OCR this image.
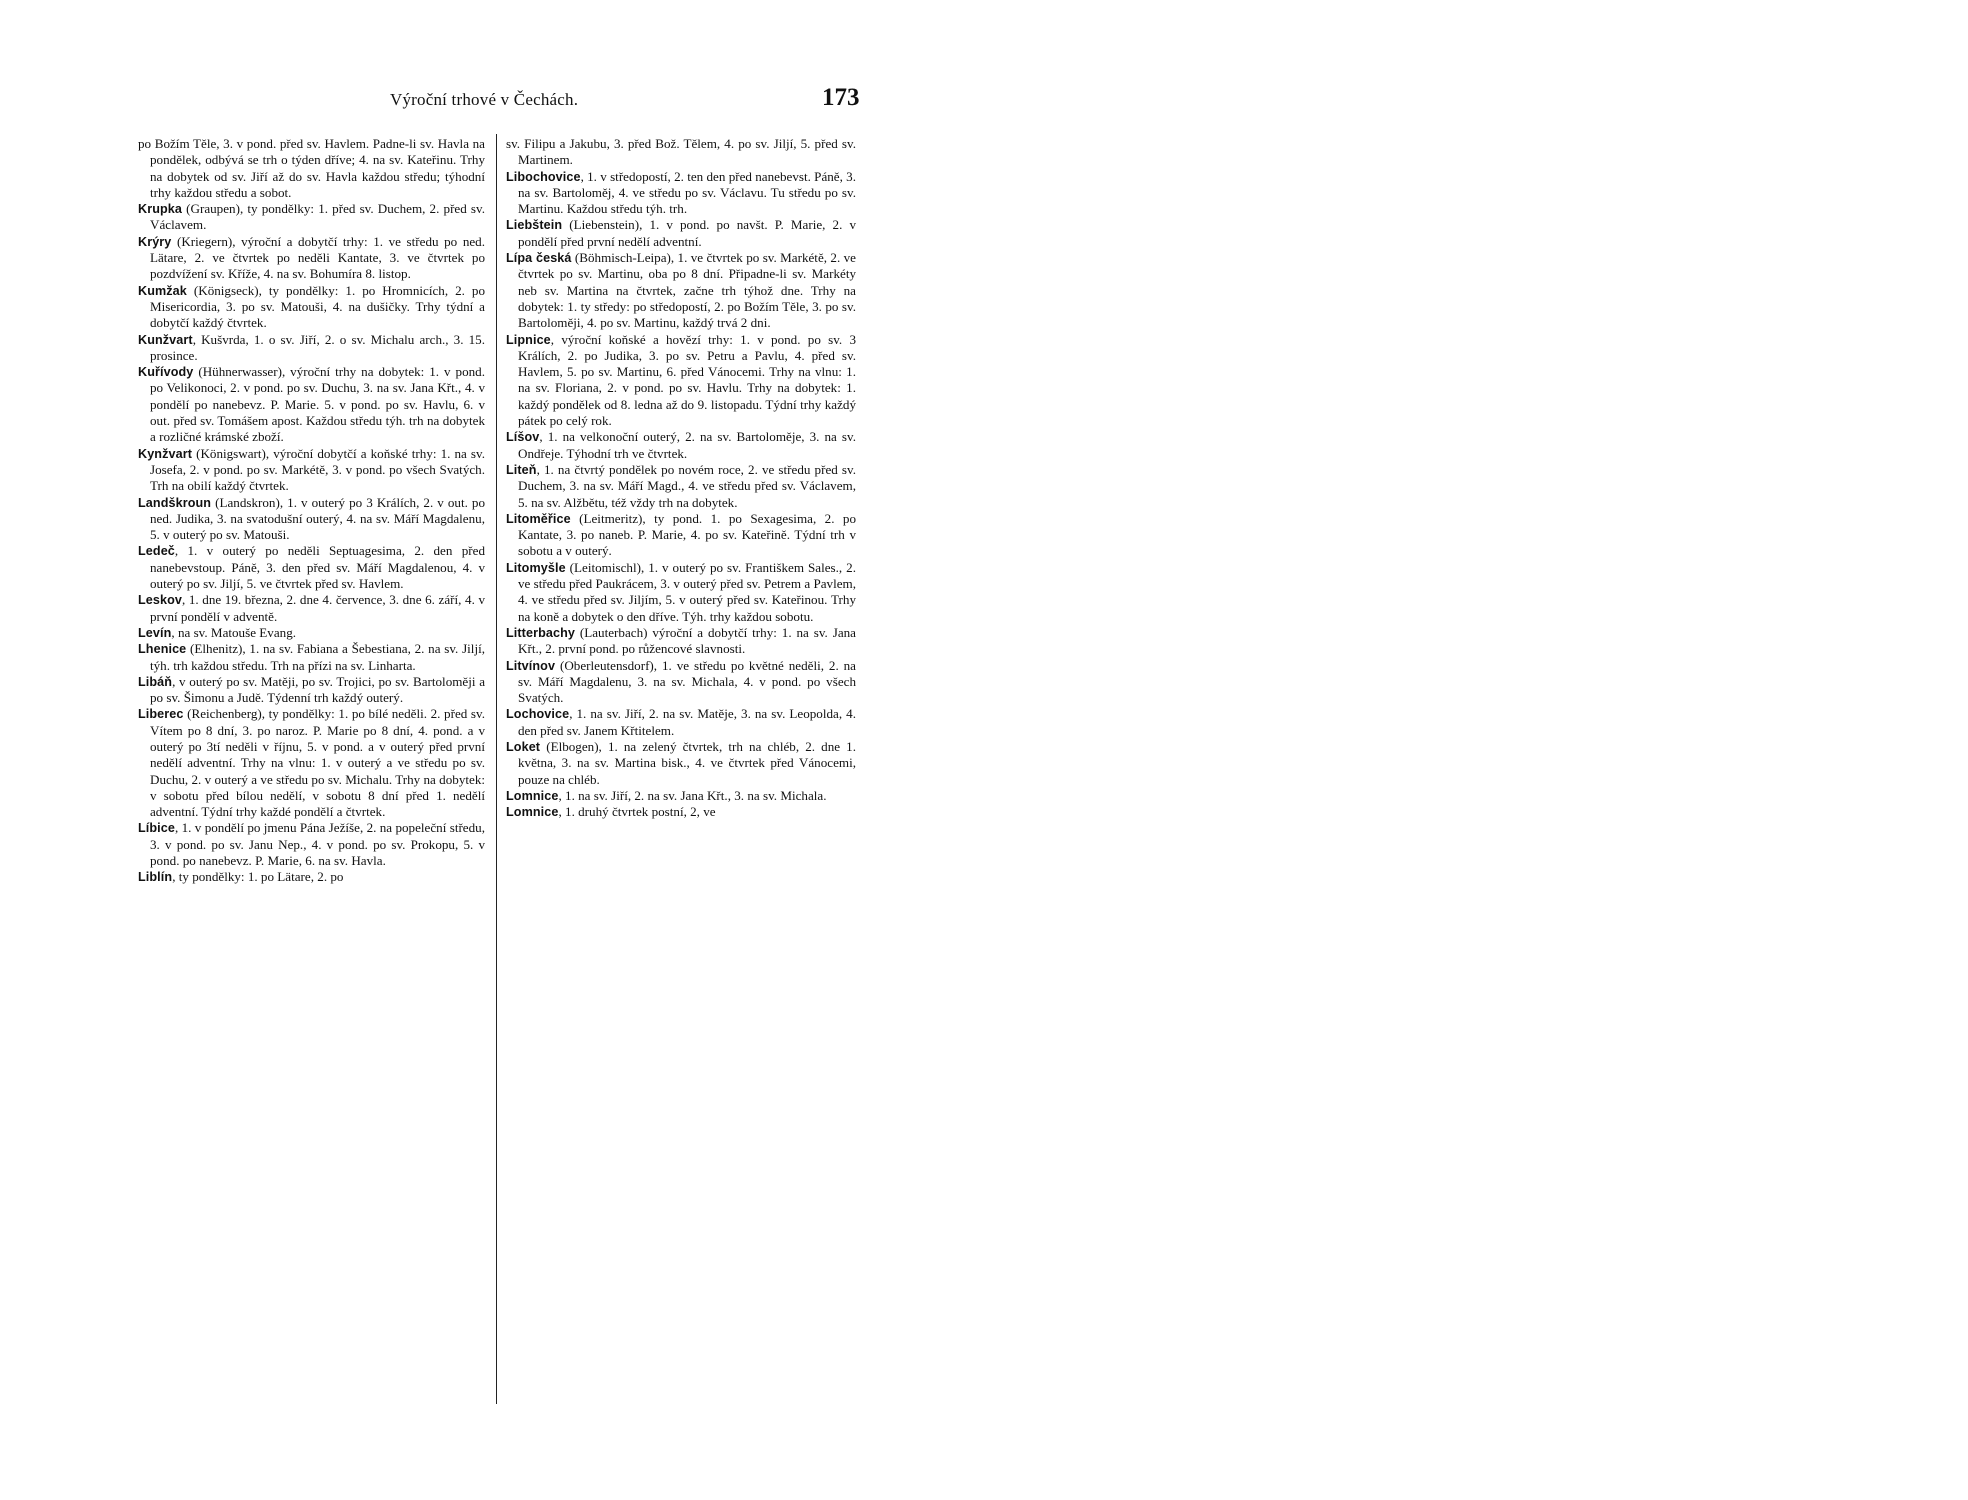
Výroční trhové v Čechách.	173

po Božím Těle, 3. v pond. před sv. Havlem. Padne-li sv. Havla na pondělek, odbývá se trh o týden dříve; 4. na sv. Kateřinu. Trhy na dobytek od sv. Jiří až do sv. Havla každou středu; týhodní trhy každou středu a sobot.

Krupka (Graupen), ty pondělky: 1. před sv. Duchem, 2. před sv. Václavem.

Krýry (Kriegern), výroční a dobytčí trhy: 1. ve středu po ned. Lätare, 2. ve čtvrtek po neděli Kantate, 3. ve čtvrtek po pozdvížení sv. Kříže, 4. na sv. Bohumíra 8. listop.

Kumžak (Königseck), ty pondělky: 1. po Hromnicích, 2. po Misericordia, 3. po sv. Matouši, 4. na dušičky. Trhy týdní a dobytčí každý čtvrtek.

Kunžvart, Kušvrda, 1. o sv. Jiří, 2. o sv. Michalu arch., 3. 15. prosince.

Kuřívody (Hühnerwasser), výroční trhy na dobytek: 1. v pond. po Velikonoci, 2. v pond. po sv. Duchu, 3. na sv. Jana Křt., 4. v pondělí po nanebevz. P. Marie. 5. v pond. po sv. Havlu, 6. v out. před sv. Tomášem apost. Každou středu týh. trh na dobytek a rozličné krámské zboží.

Kynžvart (Königswart), výroční dobytčí a koňské trhy: 1. na sv. Josefa, 2. v pond. po sv. Markétě, 3. v pond. po všech Svatých. Trh na obilí každý čtvrtek.

Landškroun (Landskron), 1. v outerý po 3 Králích, 2. v out. po ned. Judika, 3. na svatodušní outerý, 4. na sv. Máří Magdalenu, 5. v outerý po sv. Matouši.

Ledeč, 1. v outerý po neděli Septuagesima, 2. den před nanebevstoup. Páně, 3. den před sv. Máří Magdalenou, 4. v outerý po sv. Jiljí, 5. ve čtvrtek před sv. Havlem.

Leskov, 1. dne 19. března, 2. dne 4. července, 3. dne 6. září, 4. v první pondělí v adventě.

Levín, na sv. Matouše Evang.

Lhenice (Elhenitz), 1. na sv. Fabiana a Šebestiana, 2. na sv. Jiljí, týh. trh každou středu. Trh na přízi na sv. Linharta.

Libáň, v outerý po sv. Matěji, po sv. Trojici, po sv. Bartoloměji a po sv. Šimonu a Judě. Týdenní trh každý outerý.

Liberec (Reichenberg), ty pondělky: 1. po bílé neděli. 2. před sv. Vítem po 8 dní, 3. po naroz. P. Marie po 8 dní, 4. pond. a v outerý po 3tí neděli v říjnu, 5. v pond. a v outerý před první nedělí adventní. Trhy na vlnu: 1. v outerý a ve středu po sv. Duchu, 2. v outerý a ve středu po sv. Michalu. Trhy na dobytek: v sobotu před bílou nedělí, v sobotu 8 dní před 1. nedělí adventní. Týdní trhy každé pondělí a čtvrtek.

Líbice, 1. v pondělí po jmenu Pána Ježíše, 2. na popeleční středu, 3. v pond. po sv. Janu Nep., 4. v pond. po sv. Prokopu, 5. v pond. po nanebevz. P. Marie, 6. na sv. Havla.

Liblín, ty pondělky: 1. po Lätare, 2. po

sv. Filipu a Jakubu, 3. před Bož. Tělem, 4. po sv. Jiljí, 5. před sv. Martinem.

Libochovice, 1. v středopostí, 2. ten den před nanebevst. Páně, 3. na sv. Bartoloměj, 4. ve středu po sv. Václavu. Tu středu po sv. Martinu. Každou středu týh. trh.

Liebštein (Liebenstein), 1. v pond. po navšt. P. Marie, 2. v pondělí před první nedělí adventní.

Lípa česká (Böhmisch-Leipa), 1. ve čtvrtek po sv. Markétě, 2. ve čtvrtek po sv. Martinu, oba po 8 dní. Připadne-li sv. Markéty neb sv. Martina na čtvrtek, začne trh týhož dne. Trhy na dobytek: 1. ty středy: po středopostí, 2. po Božím Těle, 3. po sv. Bartoloměji, 4. po sv. Martinu, každý trvá 2 dni.

Lipnice, výroční koňské a hovězí trhy: 1. v pond. po sv. 3 Králích, 2. po Judika, 3. po sv. Petru a Pavlu, 4. před sv. Havlem, 5. po sv. Martinu, 6. před Vánocemi. Trhy na vlnu: 1. na sv. Floriana, 2. v pond. po sv. Havlu. Trhy na dobytek: 1. každý pondělek od 8. ledna až do 9. listopadu. Týdní trhy každý pátek po celý rok.

Líšov, 1. na velkonoční outerý, 2. na sv. Bartoloměje, 3. na sv. Ondřeje. Týhodní trh ve čtvrtek.

Liteň, 1. na čtvrtý pondělek po novém roce, 2. ve středu před sv. Duchem, 3. na sv. Máří Magd., 4. ve středu před sv. Václavem, 5. na sv. Alžbětu, též vždy trh na dobytek.

Litoměřice (Leitmeritz), ty pond. 1. po Sexagesima, 2. po Kantate, 3. po naneb. P. Marie, 4. po sv. Kateřině. Týdní trh v sobotu a v outerý.

Litomyšle (Leitomischl), 1. v outerý po sv. Františkem Sales., 2. ve středu před Paukrácem, 3. v outerý před sv. Petrem a Pavlem, 4. ve středu před sv. Jiljím, 5. v outerý před sv. Kateřinou. Trhy na koně a dobytek o den dříve. Týh. trhy každou sobotu.

Litterbachy (Lauterbach) výroční a dobytčí trhy: 1. na sv. Jana Křt., 2. první pond. po růžencové slavnosti.

Litvínov (Oberleutensdorf), 1. ve středu po květné neděli, 2. na sv. Máří Magdalenu, 3. na sv. Michala, 4. v pond. po všech Svatých.

Lochovice, 1. na sv. Jiří, 2. na sv. Matěje, 3. na sv. Leopolda, 4. den před sv. Janem Křtitelem.

Loket (Elbogen), 1. na zelený čtvrtek, trh na chléb, 2. dne 1. května, 3. na sv. Martina bisk., 4. ve čtvrtek před Vánocemi, pouze na chléb.

Lomnice, 1. na sv. Jiří, 2. na sv. Jana Křt., 3. na sv. Michala.

Lomnice, 1. druhý čtvrtek postní, 2, ve
